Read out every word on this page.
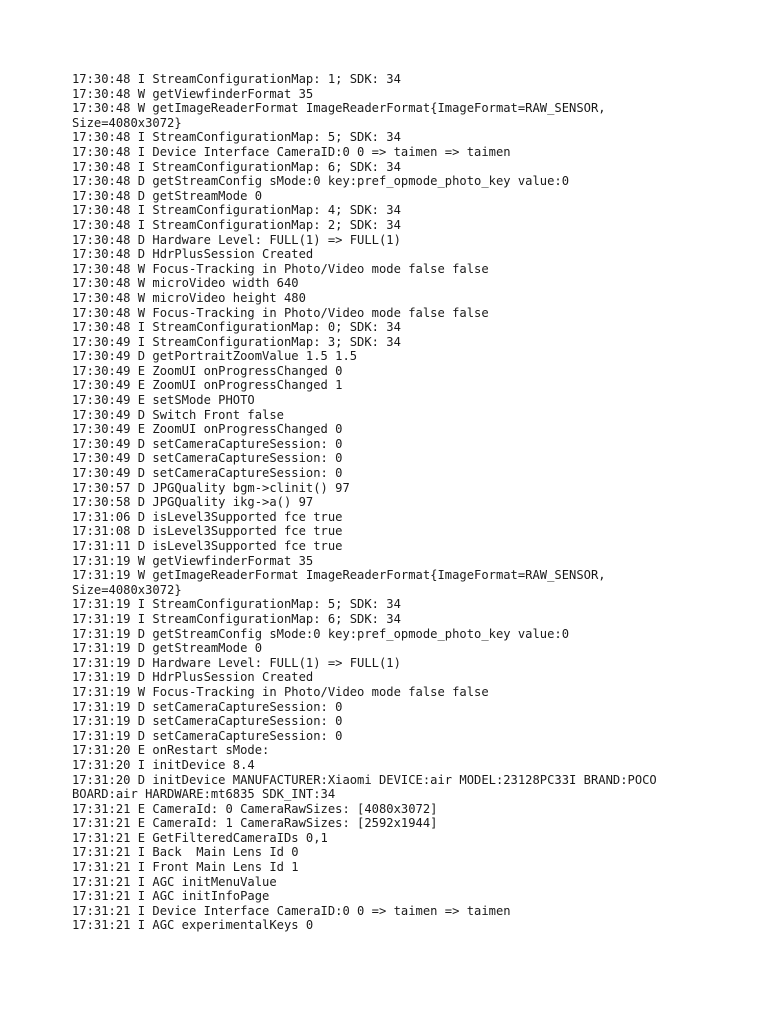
17:30:48 I StreamConfigurationMap: 1; SDK: 34
17:30:48 W getViewfinderFormat 35
17:30:48 W getImageReaderFormat ImageReaderFormat{ImageFormat=RAW_SENSOR,
Size=4080x3072}
17:30:48 I StreamConfigurationMap: 5; SDK: 34
17:30:48 I Device Interface CameraID:0 0 => taimen => taimen
17:30:48 I StreamConfigurationMap: 6; SDK: 34
17:30:48 D getStreamConfig sMode:0 key:pref_opmode_photo_key value:0
17:30:48 D getStreamMode 0
17:30:48 I StreamConfigurationMap: 4; SDK: 34
17:30:48 I StreamConfigurationMap: 2; SDK: 34
17:30:48 D Hardware Level: FULL(1) => FULL(1)
17:30:48 D HdrPlusSession Created
17:30:48 W Focus-Tracking in Photo/Video mode false false
17:30:48 W microVideo width 640
17:30:48 W microVideo height 480
17:30:48 W Focus-Tracking in Photo/Video mode false false
17:30:48 I StreamConfigurationMap: 0; SDK: 34
17:30:49 I StreamConfigurationMap: 3; SDK: 34
17:30:49 D getPortraitZoomValue 1.5 1.5
17:30:49 E ZoomUI onProgressChanged 0
17:30:49 E ZoomUI onProgressChanged 1
17:30:49 E setSMode PHOTO
17:30:49 D Switch Front false
17:30:49 E ZoomUI onProgressChanged 0
17:30:49 D setCameraCaptureSession: 0
17:30:49 D setCameraCaptureSession: 0
17:30:49 D setCameraCaptureSession: 0
17:30:57 D JPGQuality bgm->clinit() 97
17:30:58 D JPGQuality ikg->a() 97
17:31:06 D isLevel3Supported fce true
17:31:08 D isLevel3Supported fce true
17:31:11 D isLevel3Supported fce true
17:31:19 W getViewfinderFormat 35
17:31:19 W getImageReaderFormat ImageReaderFormat{ImageFormat=RAW_SENSOR,
Size=4080x3072}
17:31:19 I StreamConfigurationMap: 5; SDK: 34
17:31:19 I StreamConfigurationMap: 6; SDK: 34
17:31:19 D getStreamConfig sMode:0 key:pref_opmode_photo_key value:0
17:31:19 D getStreamMode 0
17:31:19 D Hardware Level: FULL(1) => FULL(1)
17:31:19 D HdrPlusSession Created
17:31:19 W Focus-Tracking in Photo/Video mode false false
17:31:19 D setCameraCaptureSession: 0
17:31:19 D setCameraCaptureSession: 0
17:31:19 D setCameraCaptureSession: 0
17:31:20 E onRestart sMode:
17:31:20 I initDevice 8.4
17:31:20 D initDevice MANUFACTURER:Xiaomi DEVICE:air MODEL:23128PC33I BRAND:POCO
BOARD:air HARDWARE:mt6835 SDK_INT:34
17:31:21 E CameraId: 0 CameraRawSizes: [4080x3072]
17:31:21 E CameraId: 1 CameraRawSizes: [2592x1944]
17:31:21 E GetFilteredCameraIDs 0,1
17:31:21 I Back  Main Lens Id 0
17:31:21 I Front Main Lens Id 1
17:31:21 I AGC initMenuValue
17:31:21 I AGC initInfoPage
17:31:21 I Device Interface CameraID:0 0 => taimen => taimen
17:31:21 I AGC experimentalKeys 0
